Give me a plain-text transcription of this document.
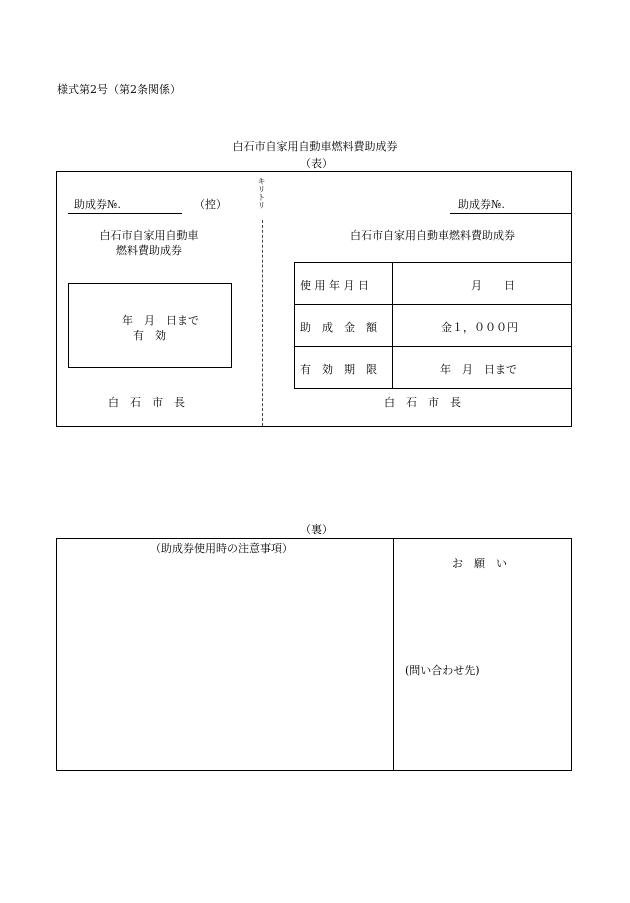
様式第2号（第2条関係）
白石市自家用自動車燃料費助成券
（表）
助成券№.	（控）
白石市自家用自動車
燃料費助成券
年　月　日まで
有　効
白　石　市　長
キリトリ	助成券№.
白石市自家用自動車燃料費助成券
使 用 年 月 日	月　　日
助　成　金　額	金１，０００円
有　効　期　限	年　月　日まで
白　石　市　長
（裏）
（助成券使用時の注意事項）
お　願　い
(問い合わせ先)
